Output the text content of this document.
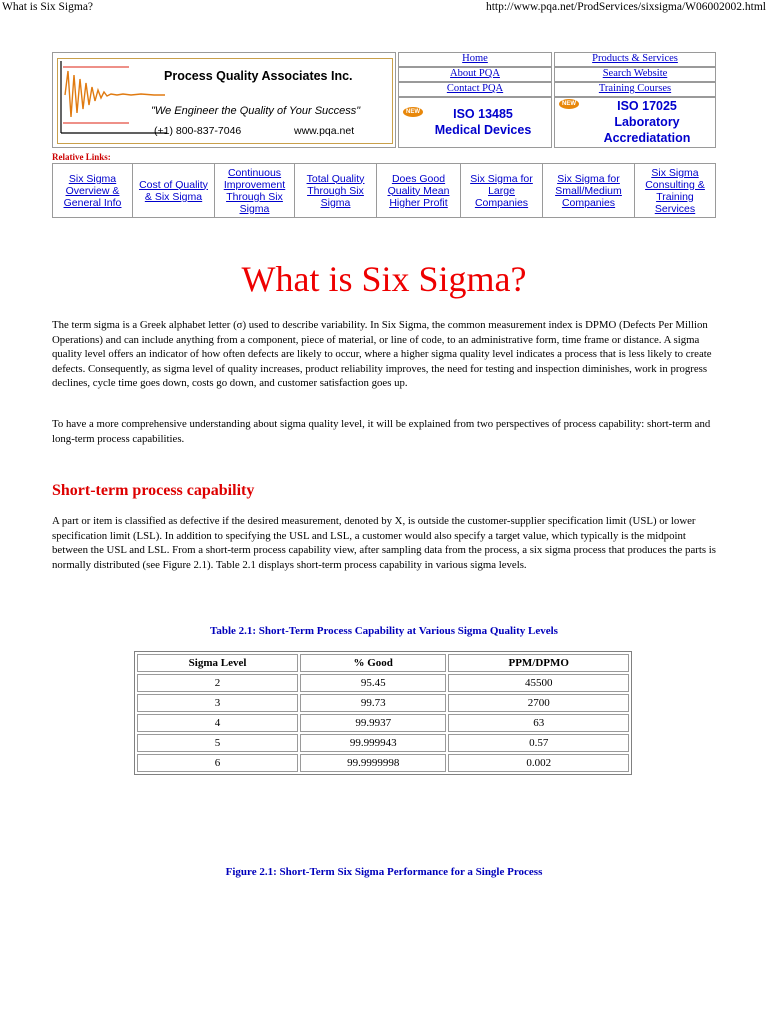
What is Six Sigma?	http://www.pqa.net/ProdServices/sixsigma/W06002002.html
Process Quality Associates Inc.
"We Engineer the Quality of Your Success"
(+1) 800-837-7046	www.pqa.net
Home
About PQA
Contact PQA
Products & Services
Search Website
Training Courses
NEW	ISO 13485
Medical Devices
NEW	ISO 17025
Laboratory
Accrediatation
Relative Links:
Six Sigma
Overview &
General Info
Cost of Quality
& Six Sigma
Continuous
Improvement
Through Six
Sigma
Total Quality
Through Six
Sigma
Does Good
Quality Mean
Higher Profit
Six Sigma for
Large
Companies
Six Sigma for
Small/Medium
Companies
Six Sigma
Consulting &
Training
Services
What is Six Sigma?

The term sigma is a Greek alphabet letter (σ) used to describe variability. In Six Sigma, the common measurement index is DPMO (Defects Per Million Operations) and can include anything from a component, piece of material, or line of code, to an administrative form, time frame or distance. A sigma quality level offers an indicator of how often defects are likely to occur, where a higher sigma quality level indicates a process that is less likely to create defects. Consequently, as sigma level of quality increases, product reliability improves, the need for testing and inspection diminishes, work in progress declines, cycle time goes down, costs go down, and customer satisfaction goes up.

To have a more comprehensive understanding about sigma quality level, it will be explained from two perspectives of process capability: short-term and long-term process capabilities.

Short-term process capability

A part or item is classified as defective if the desired measurement, denoted by X, is outside the customer-supplier specification limit (USL) or lower specification limit (LSL). In addition to specifying the USL and LSL, a customer would also specify a target value, which typically is the midpoint between the USL and LSL. From a short-term process capability view, after sampling data from the process, a six sigma process that produces the parts is normally distributed (see Figure 2.1). Table 2.1 displays short-term process capability in various sigma levels.

Table 2.1: Short-Term Process Capability at Various Sigma Quality Levels
Sigma Level	% Good	PPM/DPMO
2	95.45	45500
3	99.73	2700
4	99.9937	63
5	99.999943	0.57
6	99.9999998	0.002
Figure 2.1: Short-Term Six Sigma Performance for a Single Process
